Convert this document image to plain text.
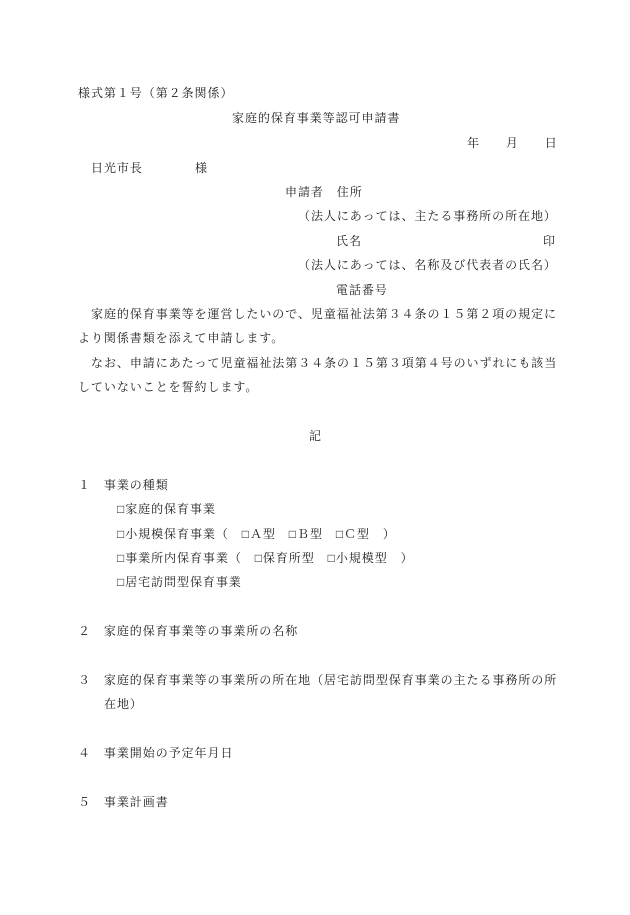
様式第１号（第２条関係）
家庭的保育事業等認可申請書
年 月 日
日光市長	様
申請者 住所
（法人にあっては、主たる事務所の所在地）
氏名	印
（法人にあっては、名称及び代表者の氏名）
電話番号
家庭的保育事業等を運営したいので、児童福祉法第３４条の１５第２項の規定に
より関係書類を添えて申請します。
なお、申請にあたって児童福祉法第３４条の１５第３項第４号のいずれにも該当
していないことを誓約します。
記
１ 事業の種類
□ 家庭的保育事業
□ 小規模保育事業 （ □ Ａ型 □ Ｂ型 □ Ｃ型 ）
□ 事業所内保育事業 （ □ 保育所型 □ 小規模型 ）
□ 居宅訪問型保育事業
２ 家庭的保育事業等の事業所の名称
３ 家庭的保育事業等の事業所の所在地（居宅訪問型保育事業の主たる事務所の所
在地）
４ 事業開始の予定年月日
５ 事業計画書
